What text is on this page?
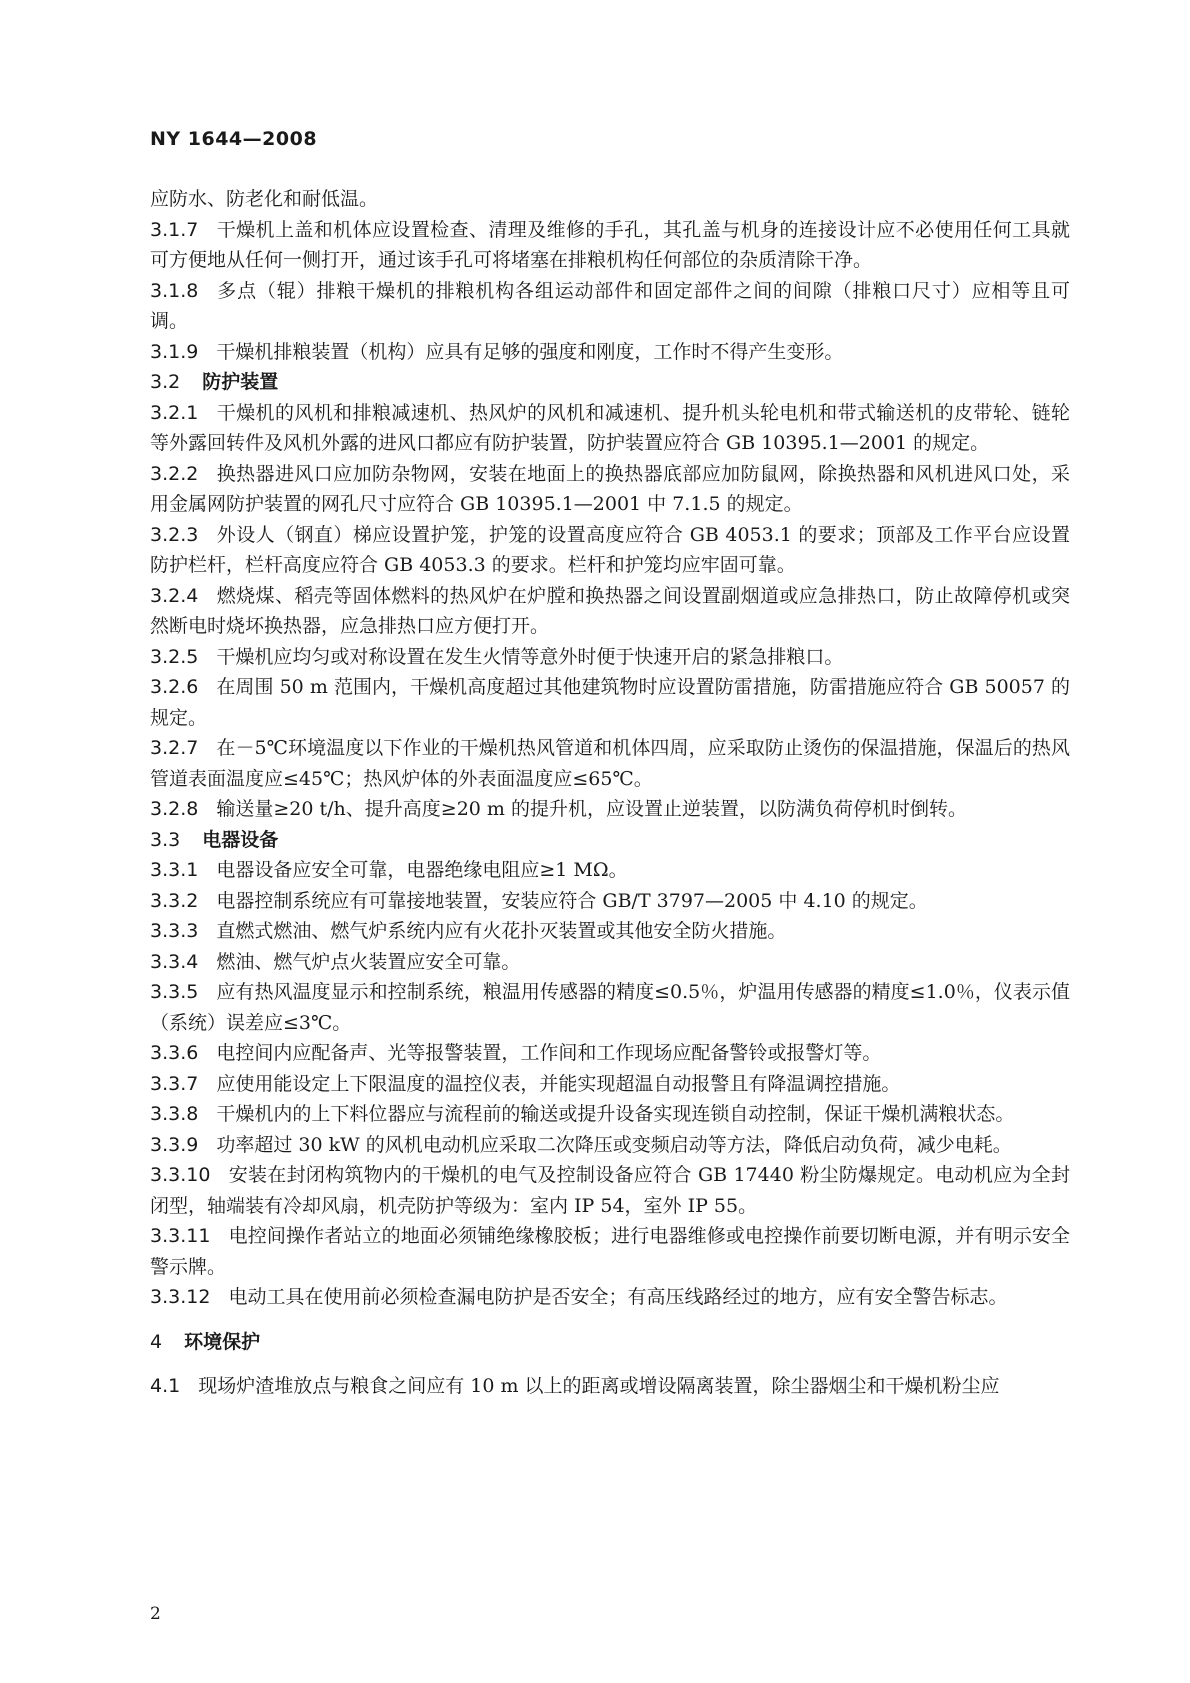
NY 1644—2008

应防水、防老化和耐低温。

3.1.7 干燥机上盖和机体应设置检查、清理及维修的手孔，其孔盖与机身的连接设计应不必使用任何工具就可方便地从任何一侧打开，通过该手孔可将堵塞在排粮机构任何部位的杂质清除干净。

3.1.8 多点（辊）排粮干燥机的排粮机构各组运动部件和固定部件之间的间隙（排粮口尺寸）应相等且可调。

3.1.9 干燥机排粮装置（机构）应具有足够的强度和刚度，工作时不得产生变形。

3.2 防护装置

3.2.1 干燥机的风机和排粮减速机、热风炉的风机和减速机、提升机头轮电机和带式输送机的皮带轮、链轮等外露回转件及风机外露的进风口都应有防护装置，防护装置应符合 GB 10395.1—2001 的规定。

3.2.2 换热器进风口应加防杂物网，安装在地面上的换热器底部应加防鼠网，除换热器和风机进风口处，采用金属网防护装置的网孔尺寸应符合 GB 10395.1—2001 中 7.1.5 的规定。

3.2.3 外设人（钢直）梯应设置护笼，护笼的设置高度应符合 GB 4053.1 的要求；顶部及工作平台应设置防护栏杆，栏杆高度应符合 GB 4053.3 的要求。栏杆和护笼均应牢固可靠。

3.2.4 燃烧煤、稻壳等固体燃料的热风炉在炉膛和换热器之间设置副烟道或应急排热口，防止故障停机或突然断电时烧坏换热器，应急排热口应方便打开。

3.2.5 干燥机应均匀或对称设置在发生火情等意外时便于快速开启的紧急排粮口。

3.2.6 在周围 50 m 范围内，干燥机高度超过其他建筑物时应设置防雷措施，防雷措施应符合 GB 50057 的规定。

3.2.7 在－5℃环境温度以下作业的干燥机热风管道和机体四周，应采取防止烫伤的保温措施，保温后的热风管道表面温度应≤45℃；热风炉体的外表面温度应≤65℃。

3.2.8 输送量≥20 t/h、提升高度≥20 m 的提升机，应设置止逆装置，以防满负荷停机时倒转。

3.3 电器设备

3.3.1 电器设备应安全可靠，电器绝缘电阻应≥1 MΩ。

3.3.2 电器控制系统应有可靠接地装置，安装应符合 GB/T 3797—2005 中 4.10 的规定。

3.3.3 直燃式燃油、燃气炉系统内应有火花扑灭装置或其他安全防火措施。

3.3.4 燃油、燃气炉点火装置应安全可靠。

3.3.5 应有热风温度显示和控制系统，粮温用传感器的精度≤0.5％，炉温用传感器的精度≤1.0％，仪表示值（系统）误差应≤3℃。

3.3.6 电控间内应配备声、光等报警装置，工作间和工作现场应配备警铃或报警灯等。

3.3.7 应使用能设定上下限温度的温控仪表，并能实现超温自动报警且有降温调控措施。

3.3.8 干燥机内的上下料位器应与流程前的输送或提升设备实现连锁自动控制，保证干燥机满粮状态。

3.3.9 功率超过 30 kW 的风机电动机应采取二次降压或变频启动等方法，降低启动负荷，减少电耗。

3.3.10 安装在封闭构筑物内的干燥机的电气及控制设备应符合 GB 17440 粉尘防爆规定。电动机应为全封闭型，轴端装有冷却风扇，机壳防护等级为：室内 IP 54，室外 IP 55。

3.3.11 电控间操作者站立的地面必须铺绝缘橡胶板；进行电器维修或电控操作前要切断电源，并有明示安全警示牌。

3.3.12 电动工具在使用前必须检查漏电防护是否安全；有高压线路经过的地方，应有安全警告标志。

4 环境保护

4.1 现场炉渣堆放点与粮食之间应有 10 m 以上的距离或增设隔离装置，除尘器烟尘和干燥机粉尘应

2
